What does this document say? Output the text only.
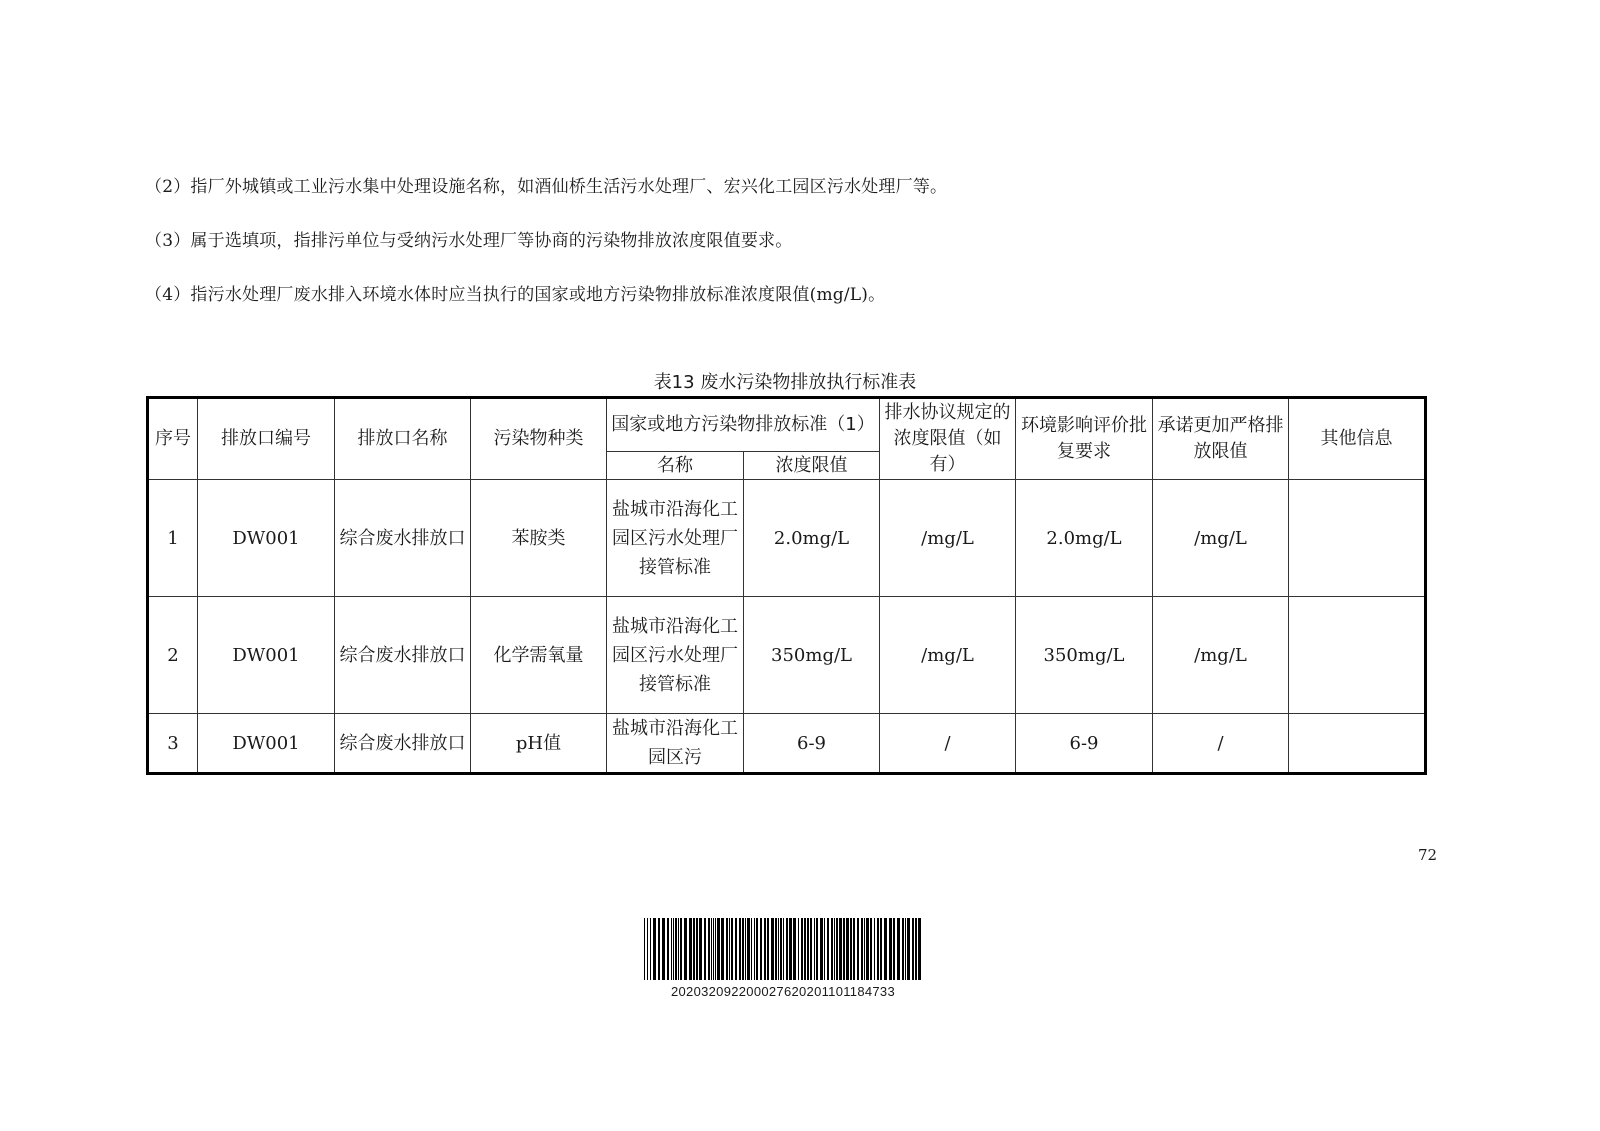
（2）指厂外城镇或工业污水集中处理设施名称，如酒仙桥生活污水处理厂、宏兴化工园区污水处理厂等。
（3）属于选填项，指排污单位与受纳污水处理厂等协商的污染物排放浓度限值要求。
（4）指污水处理厂废水排入环境水体时应当执行的国家或地方污染物排放标准浓度限值(mg/L)。
表13 废水污染物排放执行标准表
序号	排放口编号	排放口名称	污染物种类	国家或地方污染物排放标准（1）		排水协议规定的浓度限值（如有）	环境影响评价批复要求	承诺更加严格排放限值	其他信息
				名称	浓度限值				
1	DW001	综合废水排放口	苯胺类	盐城市沿海化工园区污水处理厂接管标准	2.0mg/L	/mg/L	2.0mg/L	/mg/L	
2	DW001	综合废水排放口	化学需氧量	盐城市沿海化工园区污水处理厂接管标准	350mg/L	/mg/L	350mg/L	/mg/L	
3	DW001	综合废水排放口	pH值	盐城市沿海化工园区污	6-9	/	6-9	/	
72
20203209220002762020110118473​3
